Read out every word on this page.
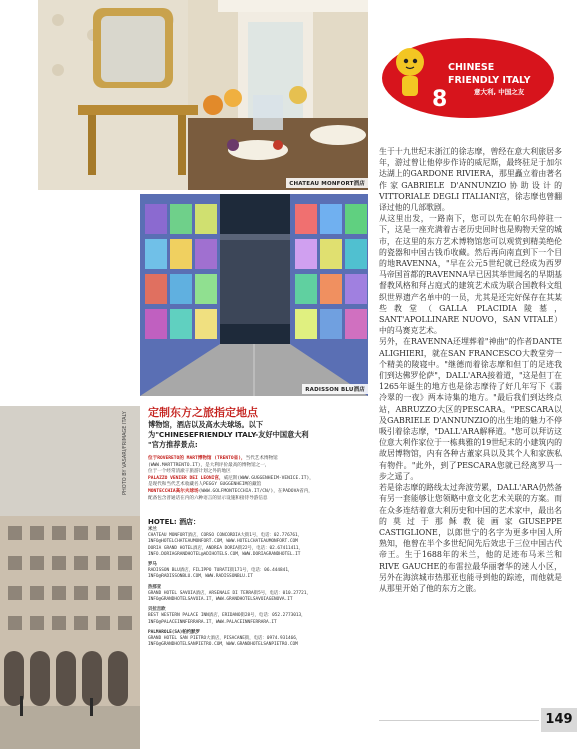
CHATEAU MONFORT酒店
RADISSON BLU酒店
PHOTO BY VASARI/FRIMAGE ITALY
8
CHINESE
FRIENDLY ITALY
意大利, 中国之友

生于十九世纪末浙江的徐志摩，曾经在意大利旅居多年，游过曾让他停步作诗的威尼斯，最终驻足于加尔达湖上的GARDONE RIVIERA，那里矗立着由著名作家GABRIELE D'ANNUNZIO协助设计的VITTORIALE DEGLI ITALIANI宫，徐志摩也曾翻译过他的几部歌剧。

从这里出发，一路南下，您可以先在帕尔玛停驻一下，这是一座充满着古老历史回时也是购物天堂的城市，在这里的东方艺术博物馆您可以观赏到精美绝伦的瓷器和中国古钱币收藏。然后再向南直到下一个目的地RAVENNA，"早在公元5世纪就已经成为西罗马帝国首都的RAVENNA早已因其举世闻名的早期基督教风格和拜占庭式的建筑艺术成为联合国教科文组织世界遗产名单中的一员，尤其是还完好保存在其某些教堂（GALLA PLACIDIA陵墓，SANT'APOLLINARE NUOVO，SAN VITALE）中的马赛克艺术。

另外，在RAVENNA还埋葬着"神曲"的作者DANTE ALIGHIERI，就在SAN FRANCESCO大教堂旁一个精美的陵寝中。"继德而着徐志摩和但丁的足迹我们到达佛罗伦萨"，DALL'ARA接着道，"这是但丁在1265年诞生的地方也是徐志摩待了好几年写下《翡冷翠的一夜》两本诗集的地方。"最后我们到达终点站，ABRUZZO大区的PESCARA。"PESCARA以及GABRIELE D'ANNUNZIO的出生地的魅力不停吸引着徐志摩，"DALL'ARA解释道。"您可以拜访这位意大利作家位于一栋典雅的19世纪末的小建筑内的故居博物馆，内有各种古董家具以及其个人和家族私有物件。"此外，到了PESCARA您就已经离罗马一步之遥了。

若是徐志摩的路线太过奔波劳累，DALL'ARA仍然备有另一套能够让您领略中意文化艺术关联的方案。而在众多连结着意大利历史和中国的艺术家中，最出名的莫过于那稣教徒画家GIUSEPPE CASTIGLIONE，以郎世宁的名字为更多中国人所熟知，他曾在半个多世纪间先后效忠于三位中国古代帝王。生于1688年的米兰，他的足迹布马米兰和RIVE GAUCHE的布雷拉最华丽奢华的迷人小区，另外在海滨城市热那亚也能寻到他的踪迹，而他就是从那里开始了他的东方之旅。

定制东方之旅指定地点
博物馆，酒店以及高水夫球场。以下
为"CHINESEFRIENDLY ITALY-友好中国意大利
"官方推荐景点:
位于ROVERETO的 MART博物馆 (TRENTO省)，当代艺术博物馆
(WWW.MARTTRENTO.IT)，是大利评价最高的博物馆之一，
位于一个经常清澈干旅游计划之外的地区
PALAZZO VENIER DEI LEONI宫，威尼斯(WWW.GUGGENHEIM-VENICE.IT)，
是现代和当代艺术收藏名人PEGGY GUGGENHEIM的藏馆
MONTECCHIA高尔夫球场(WWW.GOLFMONTECCHIA.IT/CN/)，在PADOVA省内，
配备包含普通话在内的六种语言的显示设施和接待导游信息
HOTEL: 酒店：
米兰
CHATEAU MONFORT酒店，CORSO CONCORDIA大街1号，电话：02.776761，
INFO@HOTELCHATEAUMONFORT.COM，WWW.HOTELCHATEAUMONFORT.COM
DORIA GRAND HOTEL酒店，ANDREA DORIA街22号，电话：02.67411411，
INFO.DORIAGRANDHOTEL@ADIHOTELS.COM，WWW.DORIAGRANDHOTEL.IT
罗马
RADISSON BLU酒店，FILIPPO TURATI街171号，电话：06.444841，
INFO@RADISSONBLU.COM，WWW.RADISSONBLU.IT
热那亚
GRAND HOTEL SAVOIA酒店，ARSENALE DI TERRA街5号，电话：010.27721，
INFO@GRANDHOTELSAVOIA.IT，WWW.GRANDHOTELSAVOIAGENOVA.IT
贝拉吉欧
BEST WESTERN PALACE INN酒店，ERIDANO街28号，电话：052.2773013，
INFO@PALACEINNFERRARA.IT，WWW.PALACEINNFERRARA.IT
PALMAROLE(SA)帕约默罗
GRAND HOTEL SAN PIETRO大酒店，PISACANE街，电话：0974.931466，
INFO@GRANDHOTELSANPIETRO.COM，WWW.GRANDHOTELSANPIETRO.COM
149
